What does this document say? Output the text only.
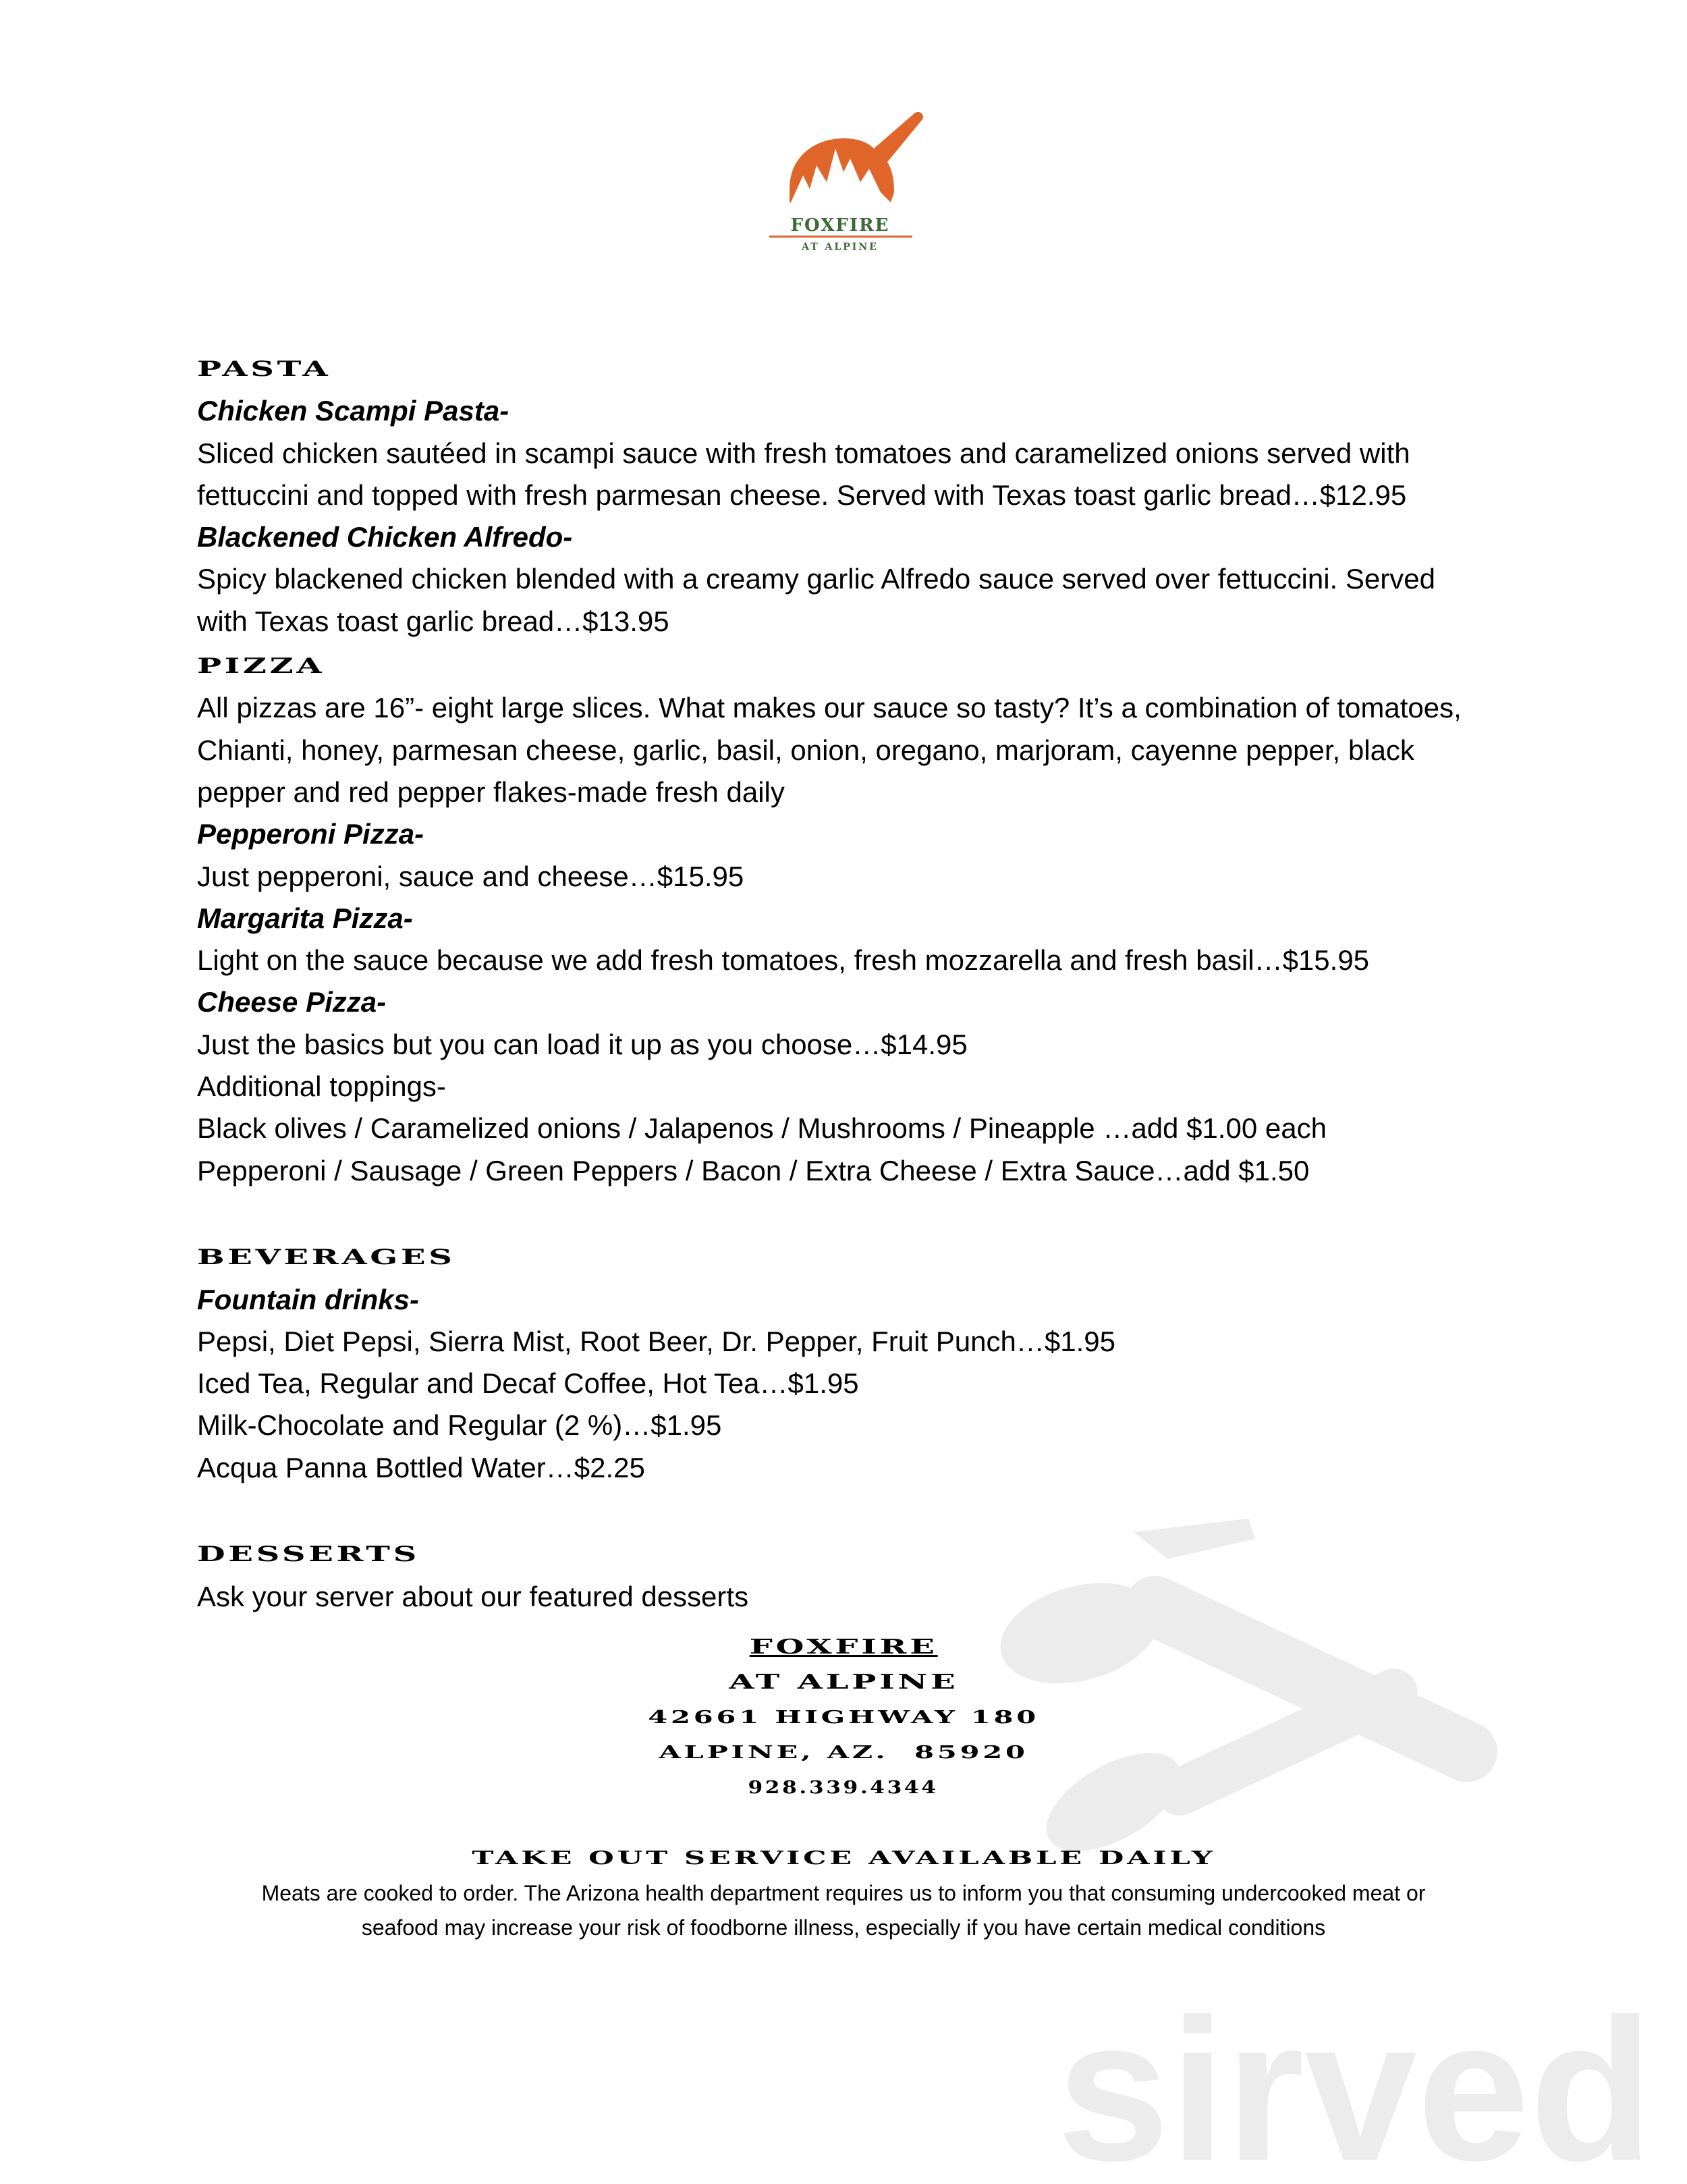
FOXFIRE
AT ALPINE
sirved
PASTA
Chicken Scampi Pasta-
Sliced chicken sautéed in scampi sauce with fresh tomatoes and caramelized onions served with fettuccini and topped with fresh parmesan cheese. Served with Texas toast garlic bread…$12.95
Blackened Chicken Alfredo-
Spicy blackened chicken blended with a creamy garlic Alfredo sauce served over fettuccini. Served with Texas toast garlic bread…$13.95
PIZZA
All pizzas are 16”- eight large slices. What makes our sauce so tasty? It’s a combination of tomatoes, Chianti, honey, parmesan cheese, garlic, basil, onion, oregano, marjoram, cayenne pepper, black pepper and red pepper flakes-made fresh daily
Pepperoni Pizza-
Just pepperoni, sauce and cheese…$15.95
Margarita Pizza-
Light on the sauce because we add fresh tomatoes, fresh mozzarella and fresh basil…$15.95
Cheese Pizza-
Just the basics but you can load it up as you choose…$14.95
Additional toppings-
Black olives / Caramelized onions / Jalapenos / Mushrooms / Pineapple …add $1.00 each
Pepperoni / Sausage / Green Peppers / Bacon / Extra Cheese / Extra Sauce…add $1.50
BEVERAGES
Fountain drinks-
Pepsi, Diet Pepsi, Sierra Mist, Root Beer, Dr. Pepper, Fruit Punch…$1.95
Iced Tea, Regular and Decaf Coffee, Hot Tea…$1.95
Milk-Chocolate and Regular (2 %)…$1.95
Acqua Panna Bottled Water…$2.25
DESSERTS
Ask your server about our featured desserts
FOXFIRE
AT ALPINE
42661 HIGHWAY 180
ALPINE, AZ.  85920
928.339.4344
TAKE OUT SERVICE AVAILABLE DAILY
Meats are cooked to order. The Arizona health department requires us to inform you that consuming undercooked meat or
seafood may increase your risk of foodborne illness, especially if you have certain medical conditions
